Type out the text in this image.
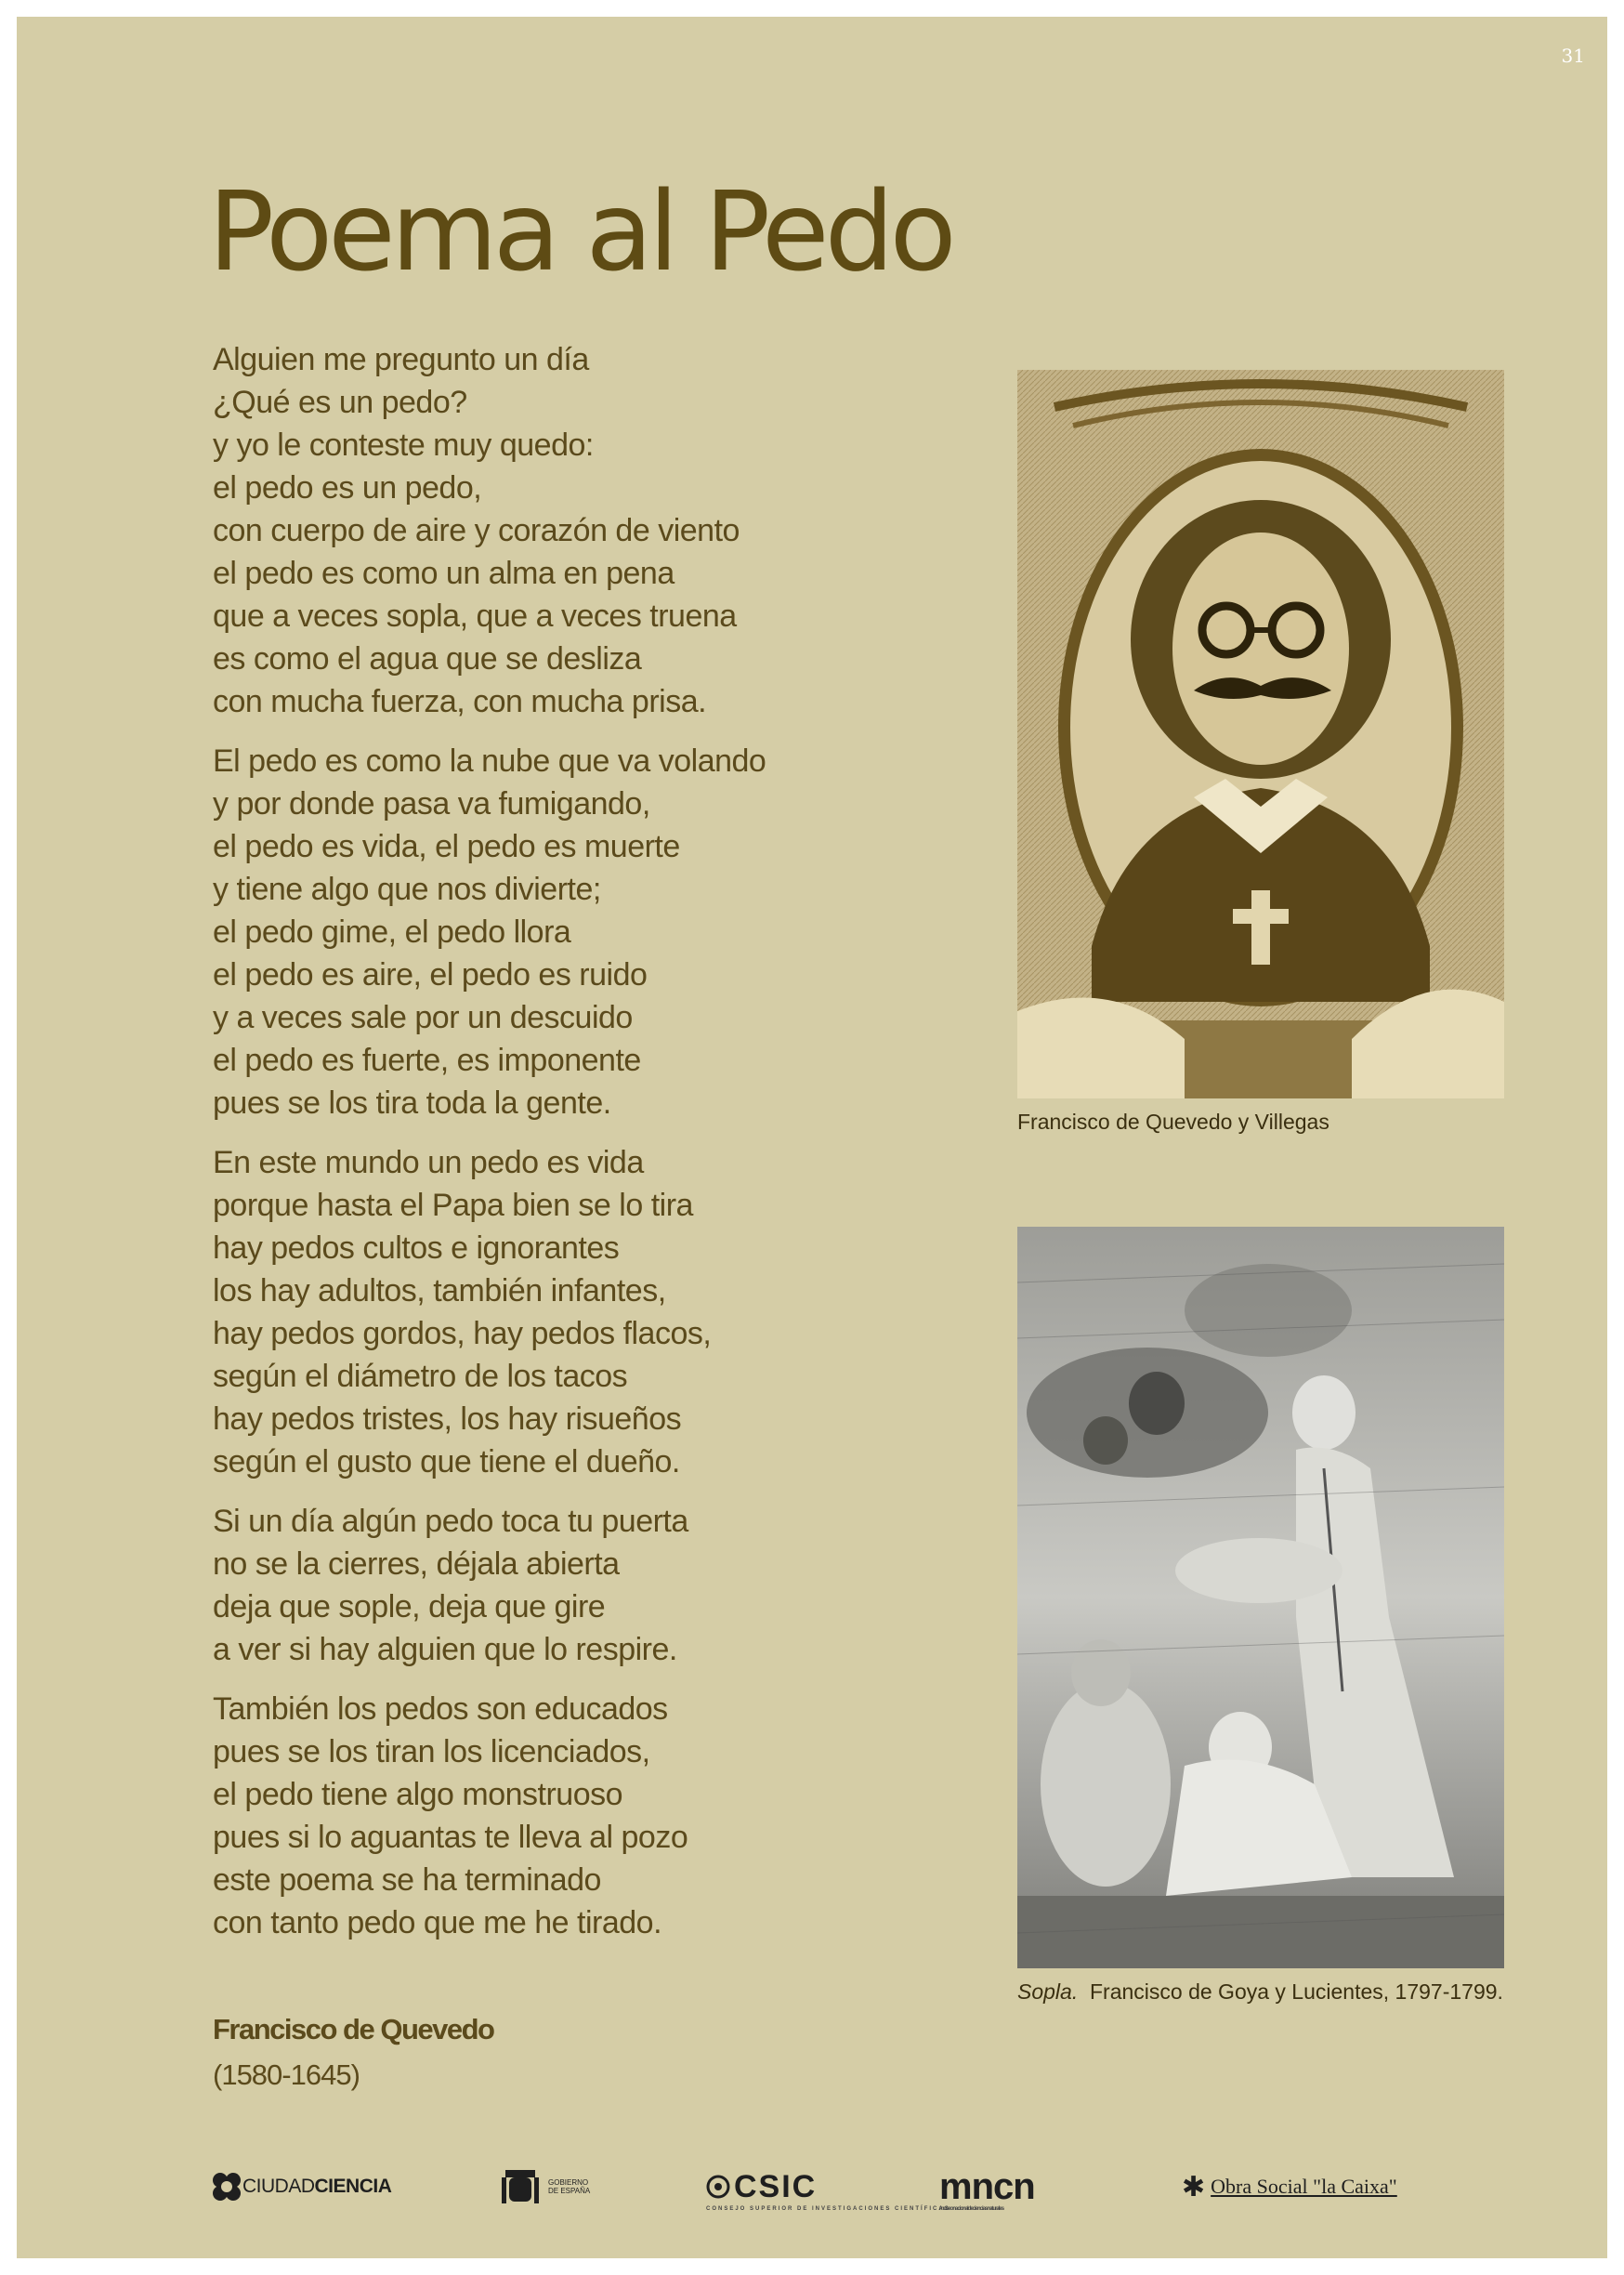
31
Poema al Pedo
Alguien me pregunto un día
¿Qué es un pedo?
y yo le conteste muy quedo:
el pedo es un pedo,
con cuerpo de aire y corazón de viento
el pedo es como un alma en pena
que a veces sopla, que a veces truena
es como el agua que se desliza
con mucha fuerza, con mucha prisa.
El pedo es como la nube que va volando
y por donde pasa va fumigando,
el pedo es vida, el pedo es muerte
y tiene algo que nos divierte;
el pedo gime, el pedo llora
el pedo es aire, el pedo es ruido
y a veces sale por un descuido
el pedo es fuerte, es imponente
pues se los tira toda la gente.
En este mundo un pedo es vida
porque hasta el Papa bien se lo tira
hay pedos cultos e ignorantes
los hay adultos, también infantes,
hay pedos gordos, hay pedos flacos,
según el diámetro de los tacos
hay pedos tristes, los hay risueños
según el gusto que tiene el dueño.
Si un día algún pedo toca tu puerta
no se la cierres, déjala abierta
deja que sople, deja que gire
a ver si hay alguien que lo respire.
También los pedos son educados
pues se los tiran los licenciados,
el pedo tiene algo monstruoso
pues si lo aguantas te lleva al pozo
este poema se ha terminado
con tanto pedo que me he tirado.
Francisco de Quevedo
(1580-1645)
Francisco de Quevedo y Villegas
Sopla. Francisco de Goya y Lucientes, 1797-1799.
CIUDAD CIENCIA	GOBIERNO
DE ESPAÑA	CSIC
CONSEJO SUPERIOR DE INVESTIGACIONES CIENTÍFICAS
mncn
museonacionaldecienciasnaturales
✱ Obra Social "la Caixa"
